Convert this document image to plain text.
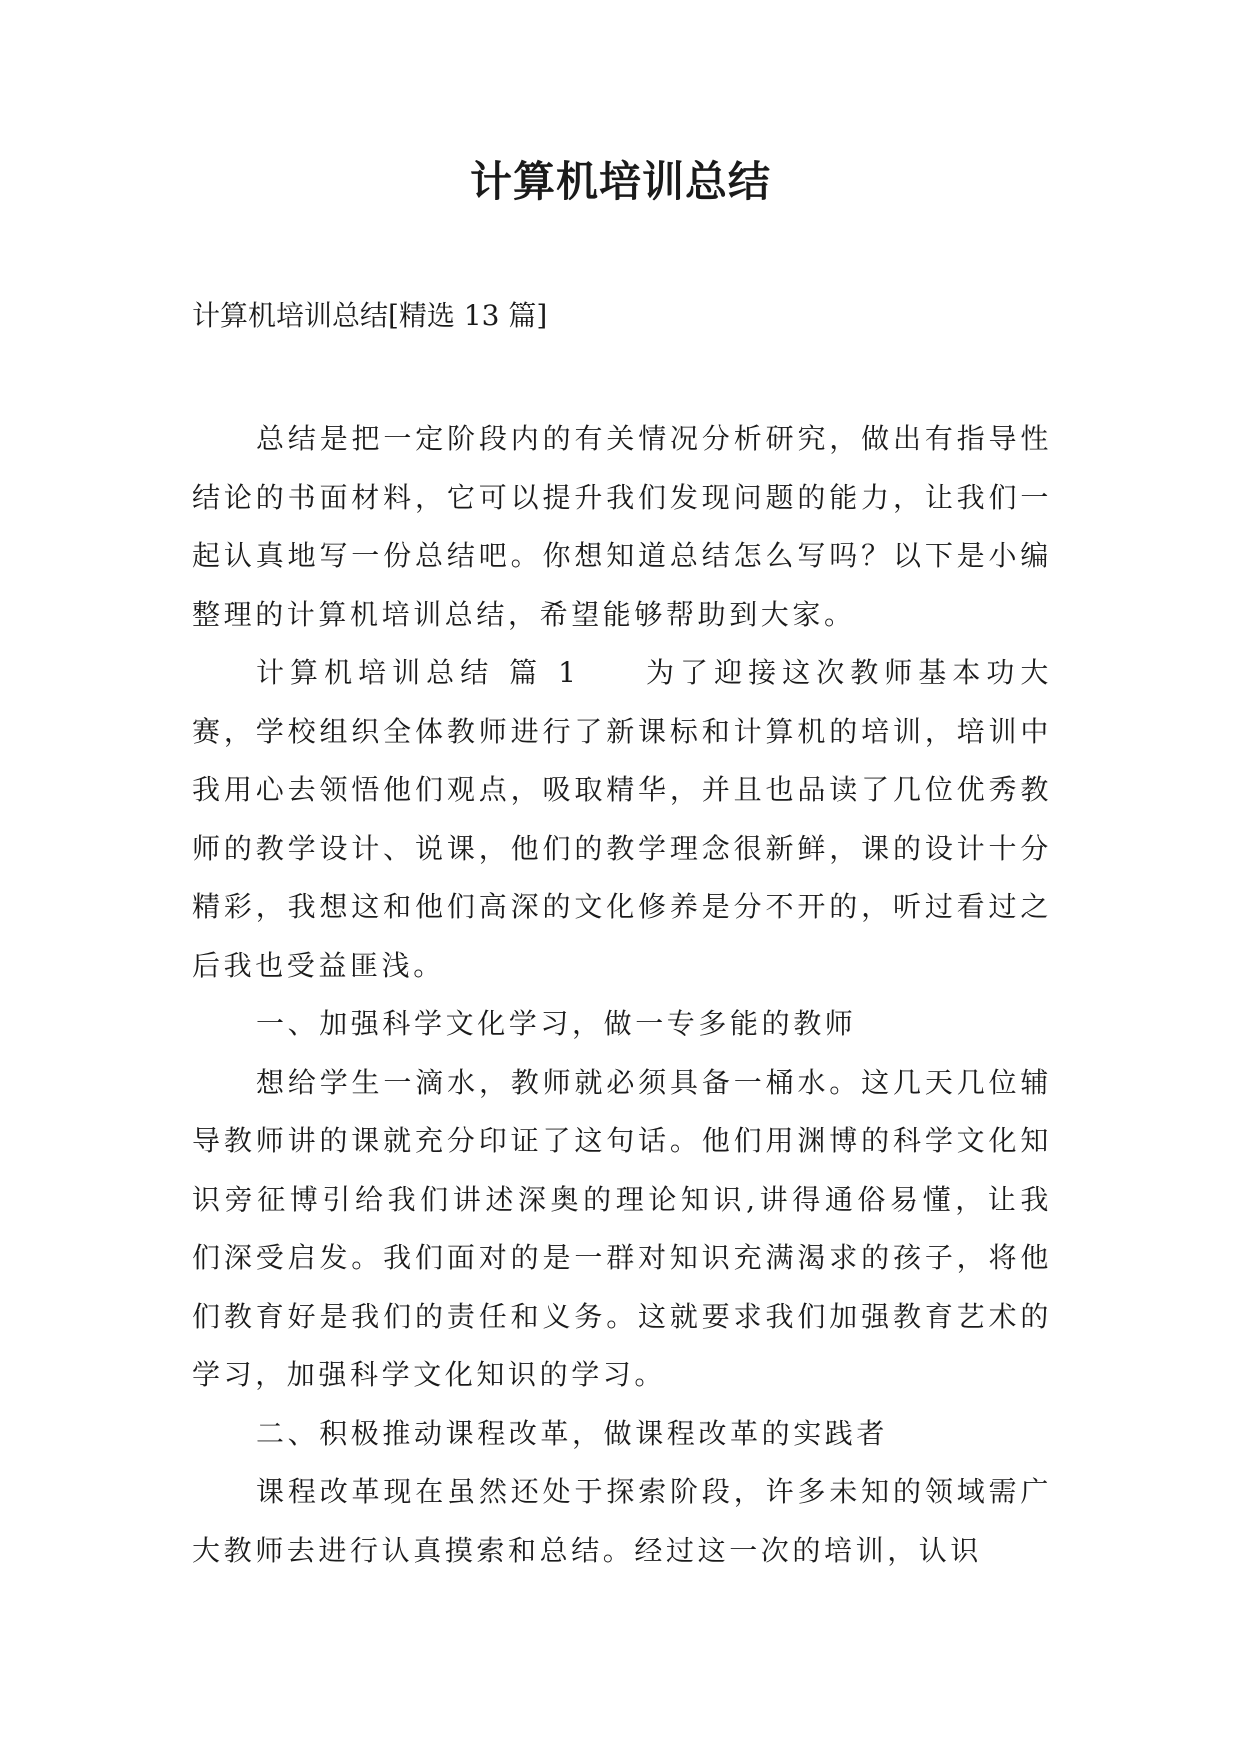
计算机培训总结

计算机培训总结[精选 13 篇]

总结是把一定阶段内的有关情况分析研究，做出有指导性结论的书面材料，它可以提升我们发现问题的能力，让我们一起认真地写一份总结吧。你想知道总结怎么写吗？以下是小编整理的计算机培训总结，希望能够帮助到大家。

计算机培训总结 篇 1 为了迎接这次教师基本功大赛，学校组织全体教师进行了新课标和计算机的培训，培训中我用心去领悟他们观点，吸取精华，并且也品读了几位优秀教师的教学设计、说课，他们的教学理念很新鲜，课的设计十分精彩，我想这和他们高深的文化修养是分不开的，听过看过之后我也受益匪浅。

一、加强科学文化学习，做一专多能的教师

想给学生一滴水，教师就必须具备一桶水。这几天几位辅导教师讲的课就充分印证了这句话。他们用渊博的科学文化知识旁征博引给我们讲述深奥的理论知识,讲得通俗易懂，让我们深受启发。我们面对的是一群对知识充满渴求的孩子，将他们教育好是我们的责任和义务。这就要求我们加强教育艺术的学习，加强科学文化知识的学习。

二、积极推动课程改革，做课程改革的实践者

课程改革现在虽然还处于探索阶段，许多未知的领域需广大教师去进行认真摸索和总结。经过这一次的培训，认识
